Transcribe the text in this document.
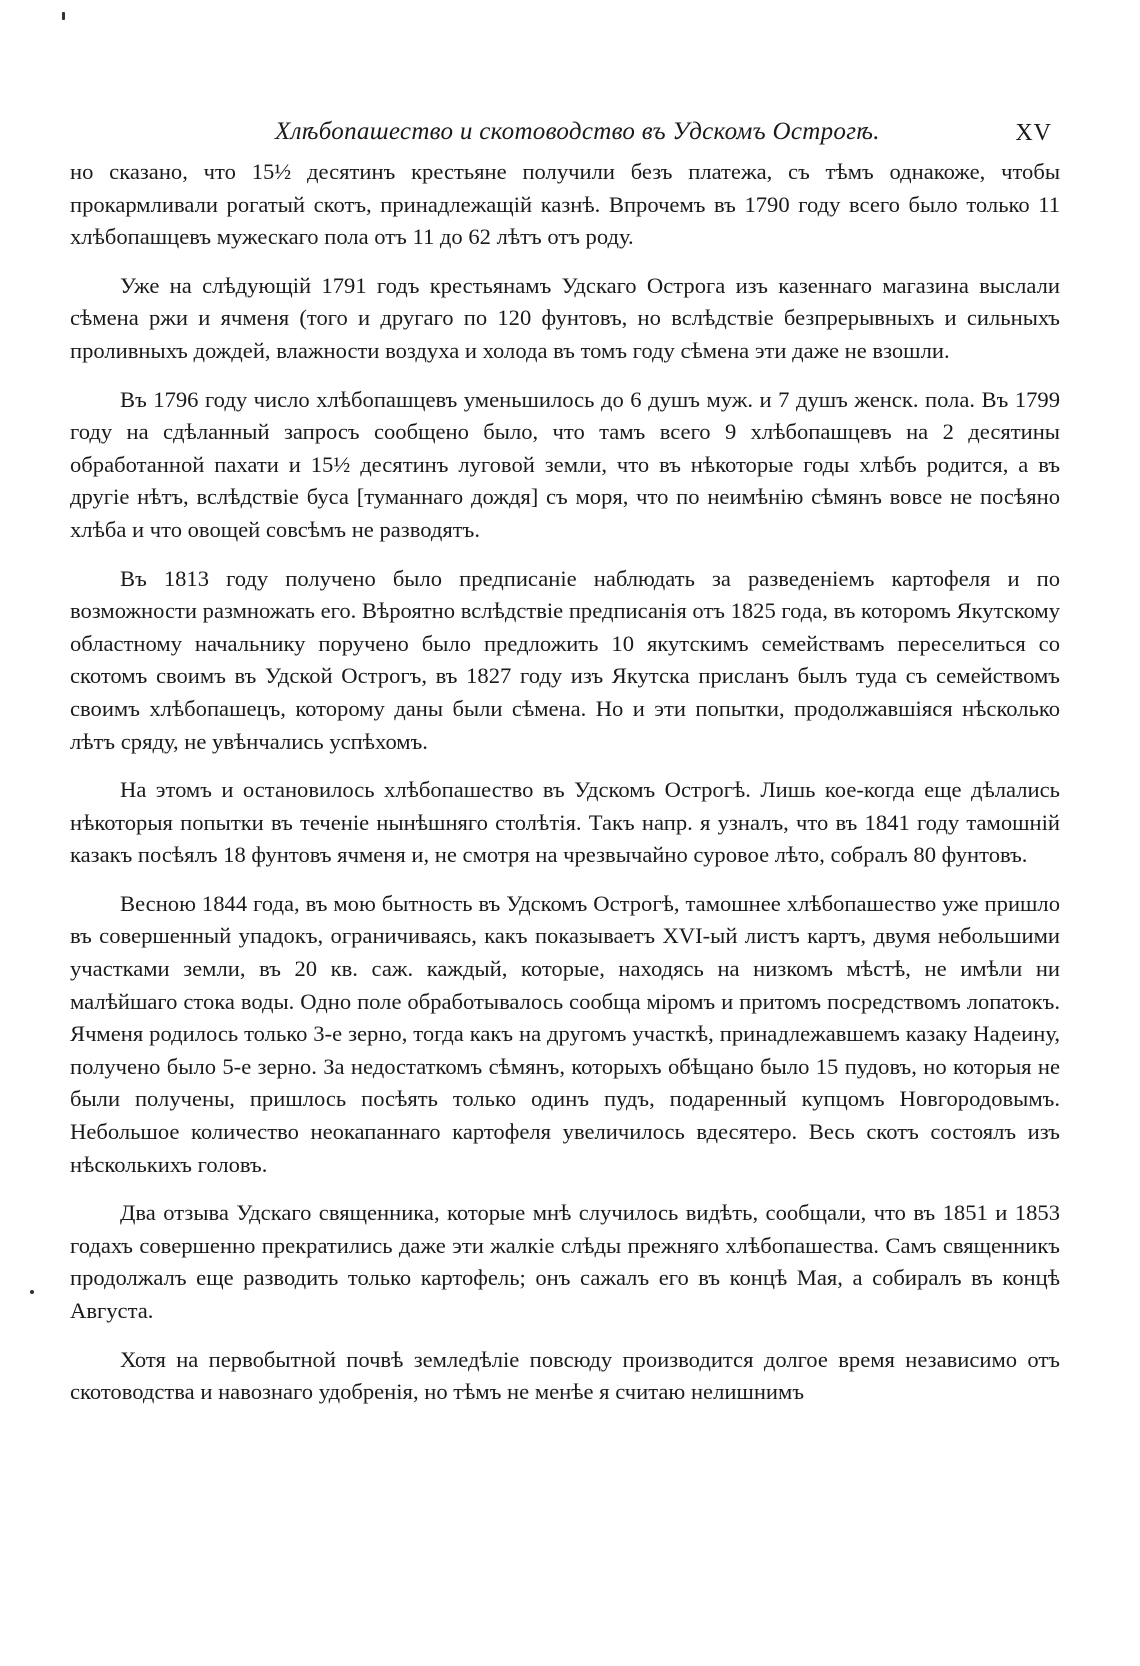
Хлѣбопашество и скотоводство въ Удскомъ Острогѣ.	XV

но сказано, что 15½ десятинъ крестьяне получили безъ платежа, съ тѣмъ однакоже, чтобы прокармливали рогатый скотъ, принадлежащій казнѣ. Впрочемъ въ 1790 году всего было только 11 хлѣбопашцевъ мужескаго пола отъ 11 до 62 лѣтъ отъ роду.

Уже на слѣдующій 1791 годъ крестьянамъ Удскаго Острога изъ казеннаго магазина выслали сѣмена ржи и ячменя (того и другаго по 120 фунтовъ, но вслѣдствіе безпрерывныхъ и сильныхъ проливныхъ дождей, влажности воздуха и холода въ томъ году сѣмена эти даже не взошли.

Въ 1796 году число хлѣбопашцевъ уменьшилось до 6 душъ муж. и 7 душъ женск. пола. Въ 1799 году на сдѣланный запросъ сообщено было, что тамъ всего 9 хлѣбопашцевъ на 2 десятины обработанной пахати и 15½ десятинъ луговой земли, что въ нѣкоторые годы хлѣбъ родится, а въ другіе нѣтъ, вслѣдствіе буса [туманнаго дождя] съ моря, что по неимѣнію сѣмянъ вовсе не посѣяно хлѣба и что овощей совсѣмъ не разводятъ.

Въ 1813 году получено было предписаніе наблюдать за разведеніемъ картофеля и по возможности размножать его. Вѣроятно вслѣдствіе предписанія отъ 1825 года, въ которомъ Якутскому областному начальнику поручено было предложить 10 якутскимъ семействамъ переселиться со скотомъ своимъ въ Удской Острогъ, въ 1827 году изъ Якутска присланъ былъ туда съ семействомъ своимъ хлѣбопашецъ, которому даны были сѣмена. Но и эти попытки, продолжавшіяся нѣсколько лѣтъ сряду, не увѣнчались успѣхомъ.

На этомъ и остановилось хлѣбопашество въ Удскомъ Острогѣ. Лишь кое-когда еще дѣлались нѣкоторыя попытки въ теченіе нынѣшняго столѣтія. Такъ напр. я узналъ, что въ 1841 году тамошній казакъ посѣялъ 18 фунтовъ ячменя и, не смотря на чрезвычайно суровое лѣто, собралъ 80 фунтовъ.

Весною 1844 года, въ мою бытность въ Удскомъ Острогѣ, тамошнее хлѣбопашество уже пришло въ совершенный упадокъ, ограничиваясь, какъ показываетъ XVI-ый листъ картъ, двумя небольшими участками земли, въ 20 кв. саж. каждый, которые, находясь на низкомъ мѣстѣ, не имѣли ни малѣйшаго стока воды. Одно поле обработывалось сообща міромъ и притомъ посредствомъ лопатокъ. Ячменя родилось только 3-е зерно, тогда какъ на другомъ участкѣ, принадлежавшемъ казаку Надеину, получено было 5-е зерно. За недостаткомъ сѣмянъ, которыхъ обѣщано было 15 пудовъ, но которыя не были получены, пришлось посѣять только одинъ пудъ, подаренный купцомъ Новгородовымъ. Небольшое количество неокапаннаго картофеля увеличилось вдесятеро. Весь скотъ состоялъ изъ нѣсколькихъ головъ.

Два отзыва Удскаго священника, которые мнѣ случилось видѣть, сообщали, что въ 1851 и 1853 годахъ совершенно прекратились даже эти жалкіе слѣды прежняго хлѣбопашества. Самъ священникъ продолжалъ еще разводить только картофель; онъ сажалъ его въ концѣ Мая, а собиралъ въ концѣ Августа.

Хотя на первобытной почвѣ земледѣліе повсюду производится долгое время независимо отъ скотоводства и навознаго удобренія, но тѣмъ не менѣе я считаю нелишнимъ
